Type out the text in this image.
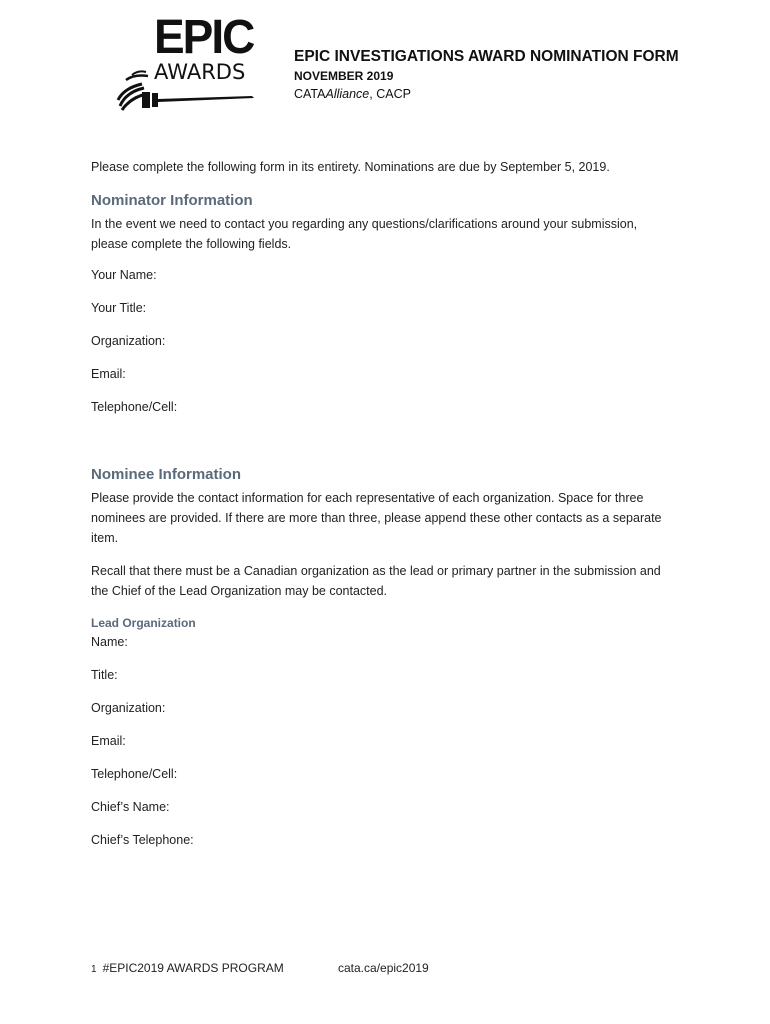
EPIC
AWARDS
EPIC INVESTIGATIONS AWARD NOMINATION FORM
NOVEMBER 2019
CATAAlliance, CACP
Please complete the following form in its entirety. Nominations are due by September 5, 2019.
Nominator Information
In the event we need to contact you regarding any questions/clarifications around your submission,
please complete the following fields.
Your Name:
Your Title:
Organization:
Email:
Telephone/Cell:
Nominee Information
Please provide the contact information for each representative of each organization. Space for three
nominees are provided. If there are more than three, please append these other contacts as a separate
item.
Recall that there must be a Canadian organization as the lead or primary partner in the submission and
the Chief of the Lead Organization may be contacted.
Lead Organization
Name:
Title:
Organization:
Email:
Telephone/Cell:
Chief’s Name:
Chief’s Telephone:
1 #EPIC2019 AWARDS PROGRAM	cata.ca/epic2019
